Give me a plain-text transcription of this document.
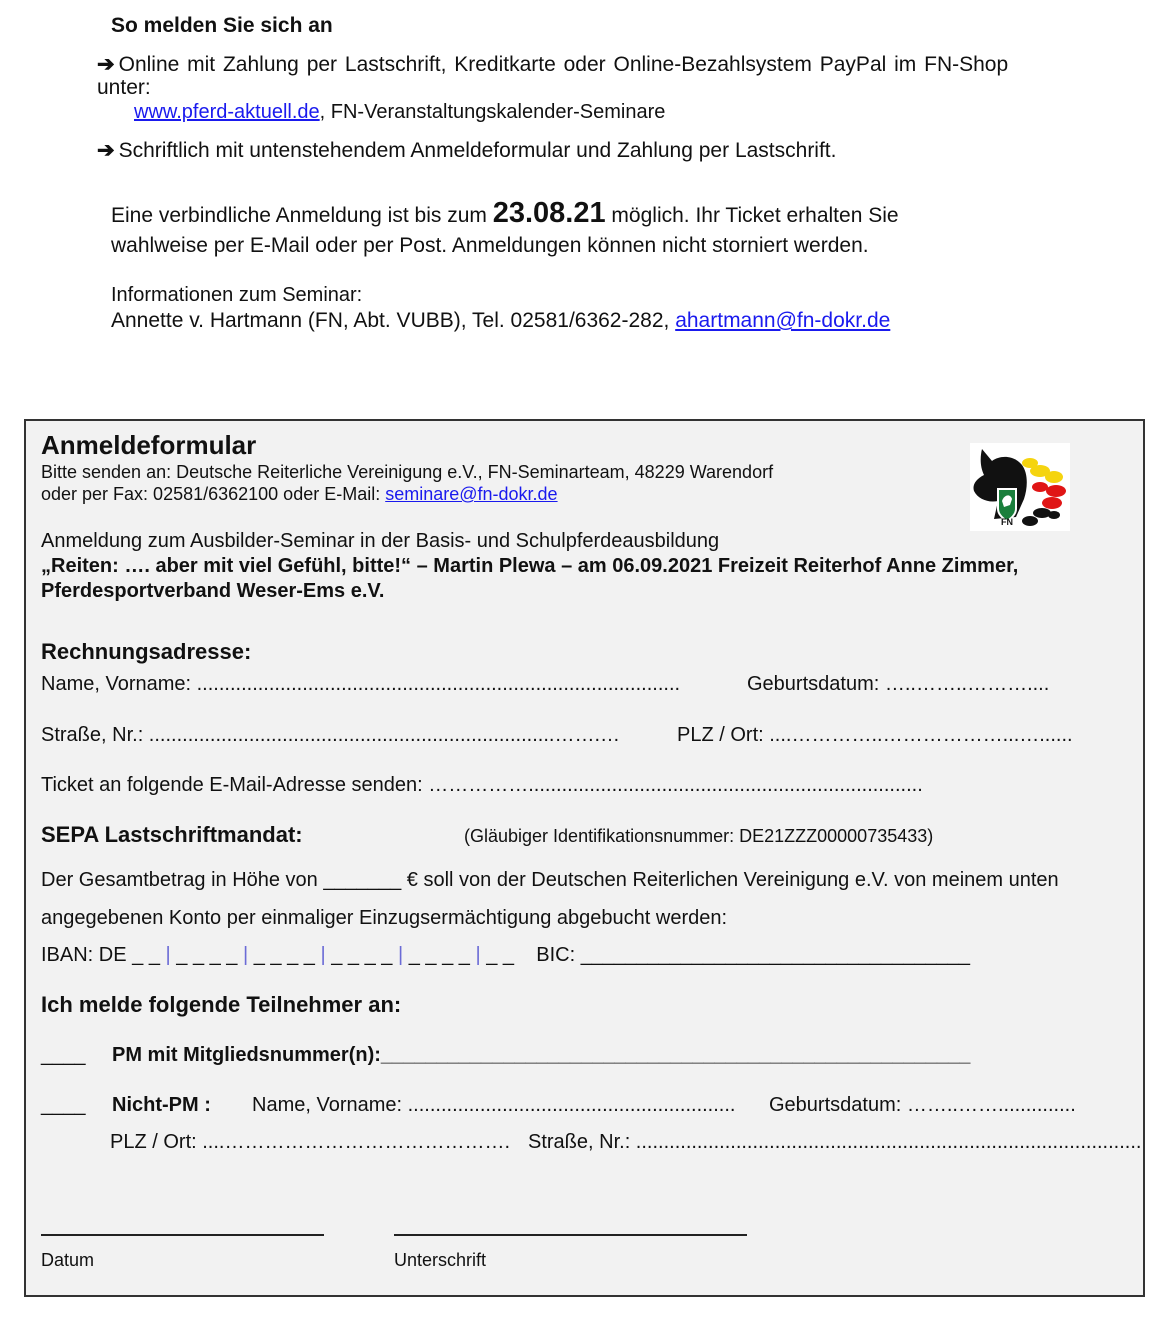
So melden Sie sich an
➔ Online mit Zahlung per Lastschrift, Kreditkarte oder Online-Bezahlsystem PayPal im FN-Shop
unter:
www.pferd-aktuell.de, FN-Veranstaltungskalender-Seminare
➔ Schriftlich mit untenstehendem Anmeldeformular und Zahlung per Lastschrift.
Eine verbindliche Anmeldung ist bis zum 23.08.21 möglich. Ihr Ticket erhalten Sie
wahlweise per E-Mail oder per Post. Anmeldungen können nicht storniert werden.
Informationen zum Seminar:
Annette v. Hartmann (FN, Abt. VUBB), Tel. 02581/6362-282, ahartmann@fn-dokr.de
Anmeldeformular
Bitte senden an: Deutsche Reiterliche Vereinigung e.V., FN-Seminarteam, 48229 Warendorf
oder per Fax: 02581/6362100 oder E-Mail: seminare@fn-dokr.de
FN
Anmeldung zum Ausbilder-Seminar in der Basis- und Schulpferdeausbildung
„Reiten: …. aber mit viel Gefühl, bitte!“ – Martin Plewa – am 06.09.2021 Freizeit Reiterhof Anne Zimmer,
Pferdesportverband Weser-Ems e.V.
Rechnungsadresse:
Name, Vorname: .......................................................................................	Geburtsdatum: …..……..………....
Straße, Nr.: .........................................................................…….…	PLZ / Ort: ....…………..………………...…......
Ticket an folgende E-Mail-Adresse senden: …………….......................................................................
SEPA Lastschriftmandat:	(Gläubiger Identifikationsnummer: DE21ZZZ00000735433)
Der Gesamtbetrag in Höhe von _______ € soll von der Deutschen Reiterlichen Vereinigung e.V. von meinem unten
angegebenen Konto per einmaliger Einzugsermächtigung abgebucht werden:
IBAN: DE _ _ | _ _ _ _ | _ _ _ _ | _ _ _ _ | _ _ _ _ | _ _ BIC: ___________________________________
Ich melde folgende Teilnehmer an:
____ PM mit Mitgliedsnummer(n):_____________________________________________________
____ Nicht-PM : Name, Vorname: ........................................................... Geburtsdatum: ……..……..............
PLZ / Ort: ....……………………………………. Straße, Nr.: ...........................................................................................
Datum	Unterschrift
